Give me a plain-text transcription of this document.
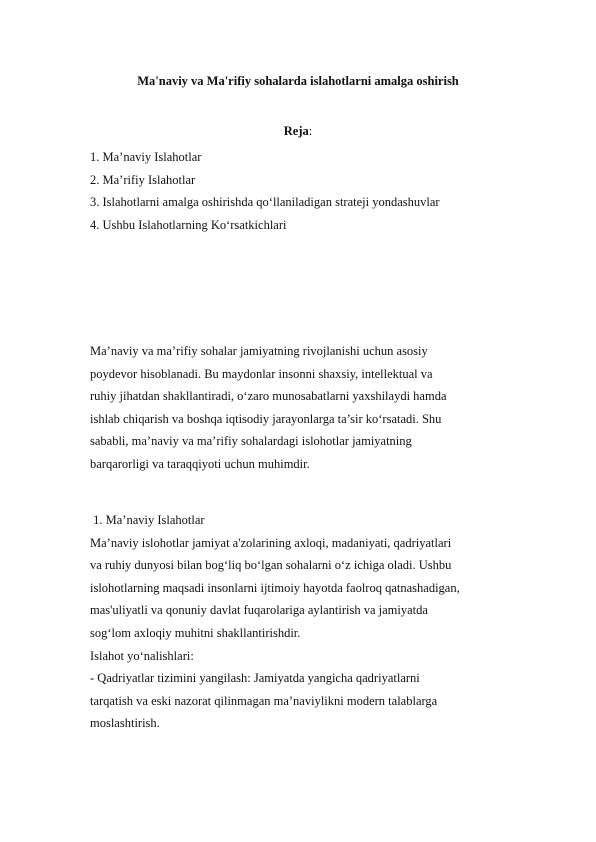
Ma'naviy va Ma'rifiy sohalarda islahotlarni amalga oshirish
Reja:
1. Ma’naviy Islahotlar
2. Ma’rifiy Islahotlar
3. Islahotlarni amalga oshirishda qo‘llaniladigan strateji yondashuvlar
4. Ushbu Islahotlarning Ko‘rsatkichlari

Ma’naviy va ma’rifiy sohalar jamiyatning rivojlanishi uchun asosiy
poydevor hisoblanadi. Bu maydonlar insonni shaxsiy, intellektual va
ruhiy jihatdan shakllantiradi, o‘zaro munosabatlarni yaxshilaydi hamda
ishlab chiqarish va boshqa iqtisodiy jarayonlarga ta’sir ko‘rsatadi. Shu
sababli, ma’naviy va ma’rifiy sohalardagi islohotlar jamiyatning
barqarorligi va taraqqiyoti uchun muhimdir.

1. Ma’naviy Islahotlar
Ma’naviy islohotlar jamiyat a'zolarining axloqi, madaniyati, qadriyatlari
va ruhiy dunyosi bilan bog‘liq bo‘lgan sohalarni o‘z ichiga oladi. Ushbu
islohotlarning maqsadi insonlarni ijtimoiy hayotda faolroq qatnashadigan,
mas'uliyatli va qonuniy davlat fuqarolariga aylantirish va jamiyatda
sog‘lom axloqiy muhitni shakllantirishdir.
Islahot yo‘nalishlari:
- Qadriyatlar tizimini yangilash: Jamiyatda yangicha qadriyatlarni
tarqatish va eski nazorat qilinmagan ma’naviylikni modern talablarga
moslashtirish.
